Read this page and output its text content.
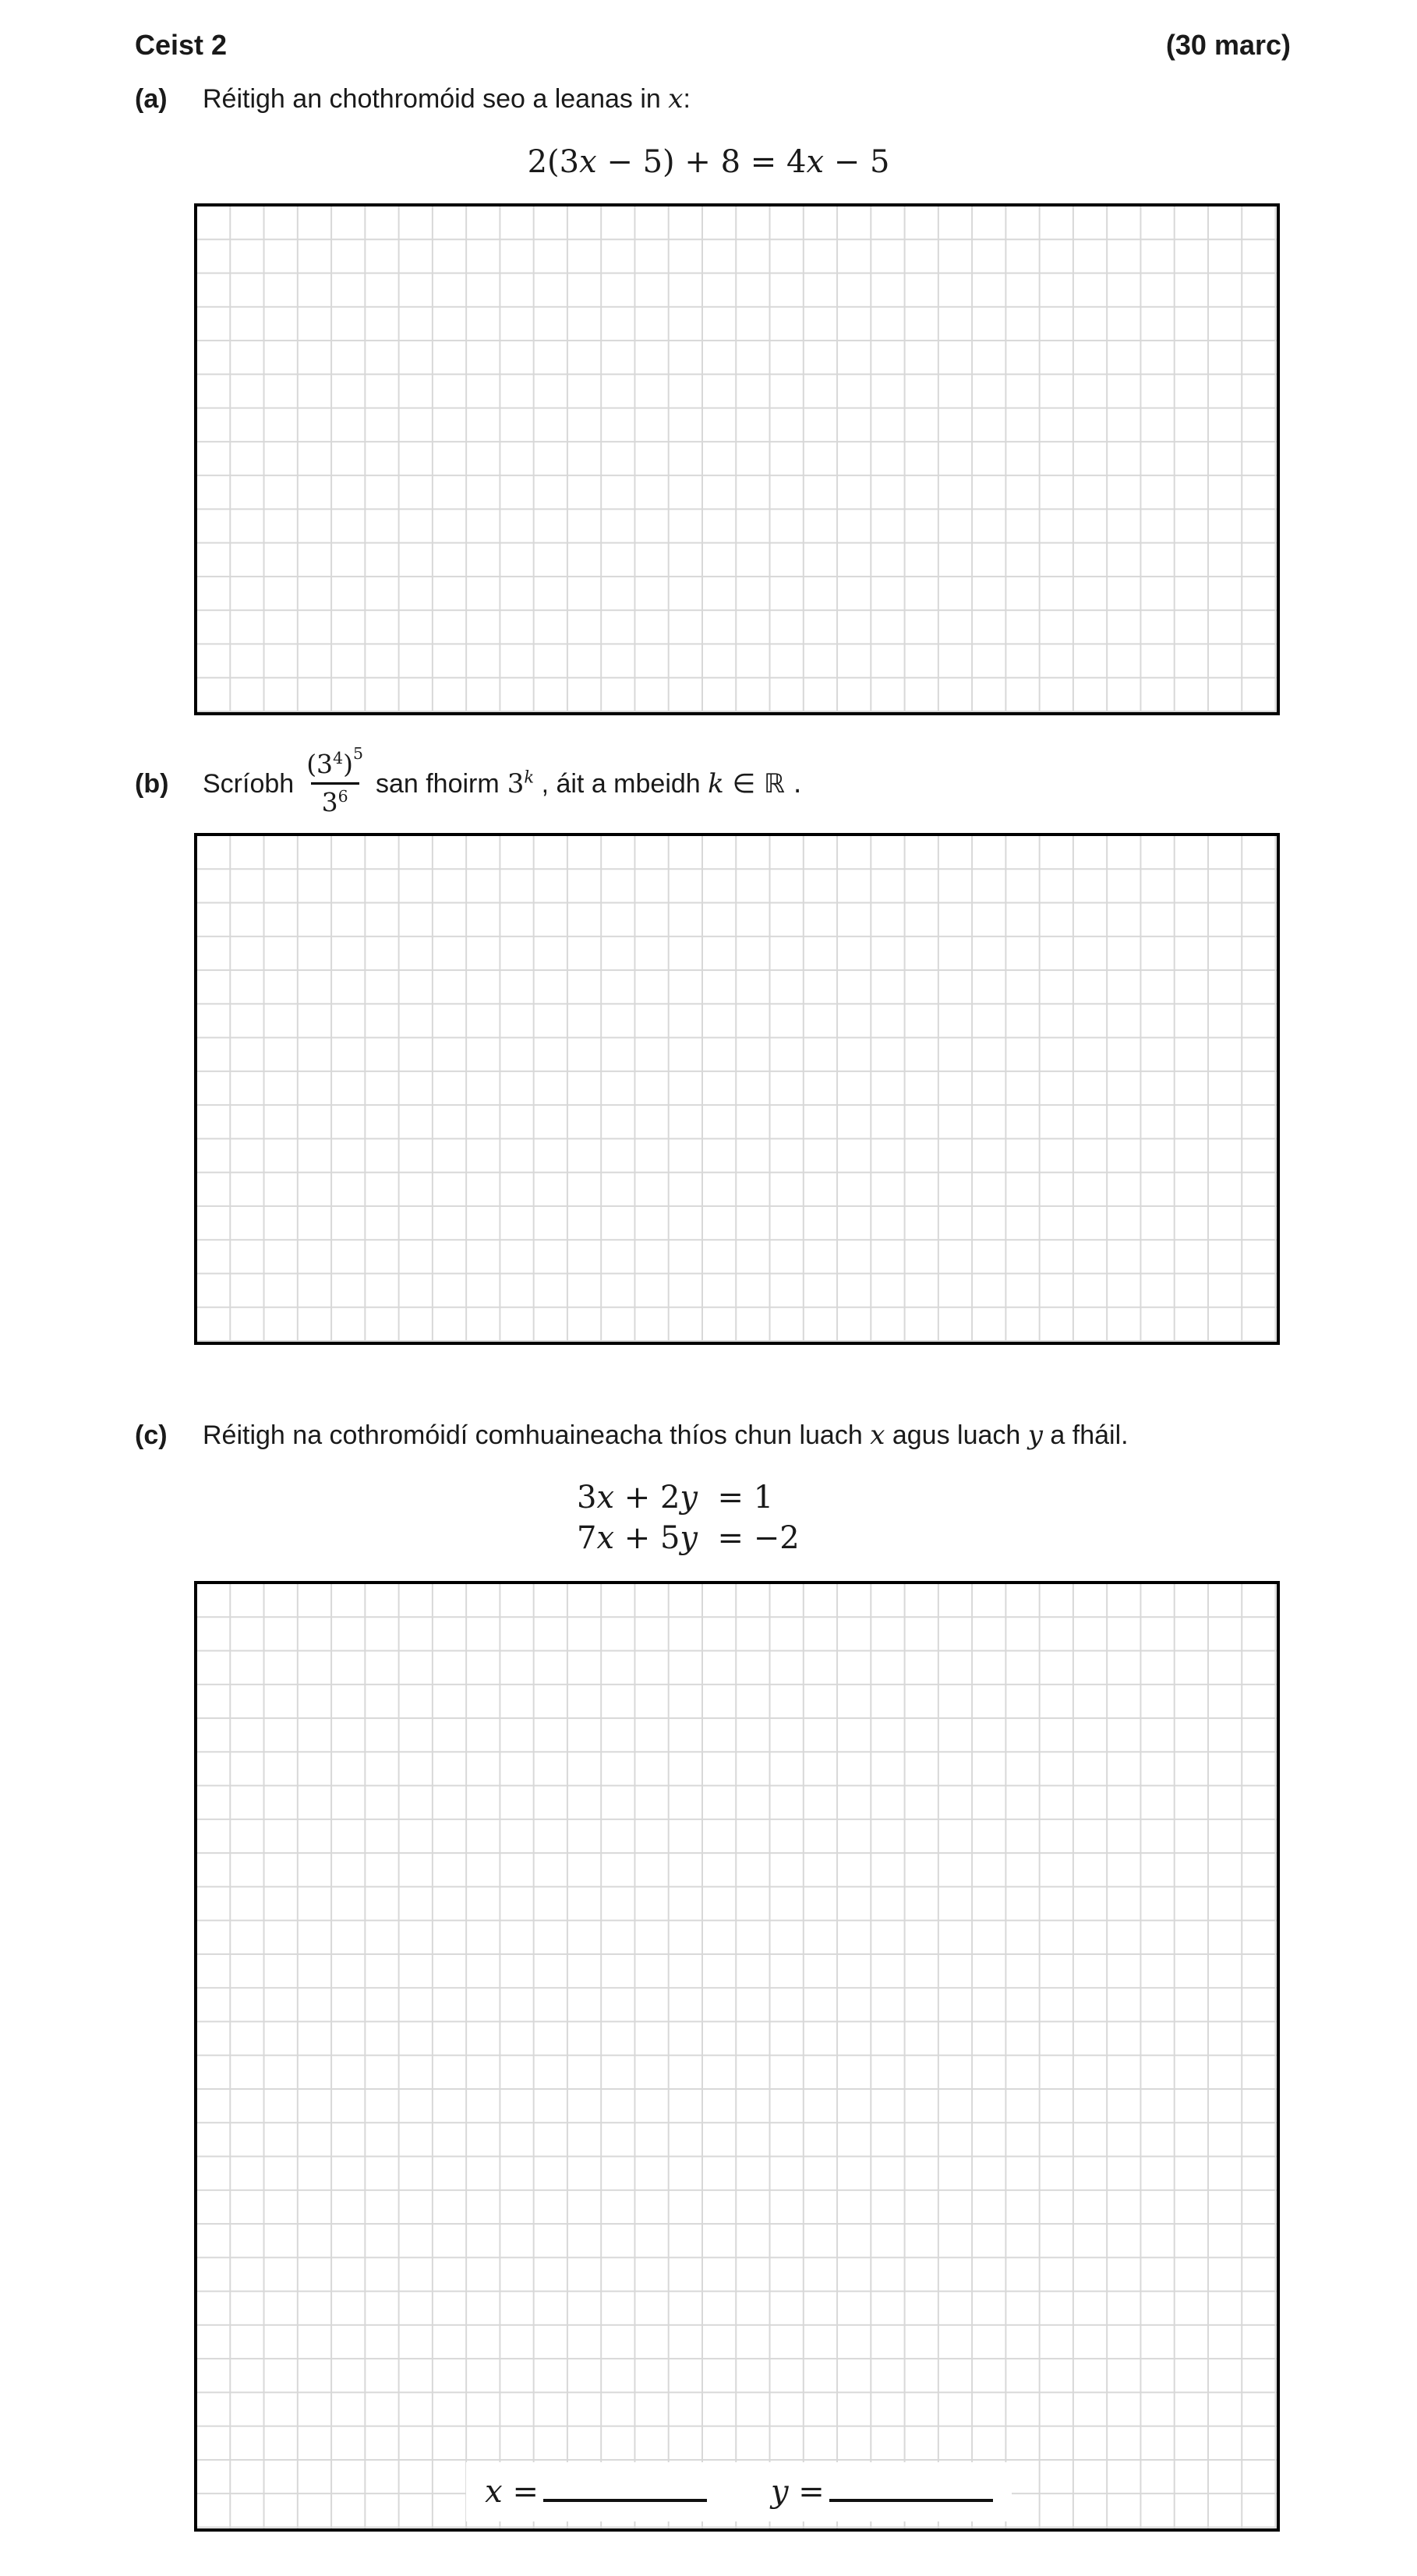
Ceist 2	(30 marc)
(a) Réitigh an chothromóid seo a leanas in x:
2(3x − 5) + 8 = 4x − 5
(b)	Scríobh $\frac{(3^4)^5}{3^6}$ san fhoirm 3$^k$ , áit a mbeidh k ∈ ℝ .
(c) Réitigh na cothromóidí comhuaineacha thíos chun luach x agus luach y a fháil.
3x + 2y  = 1
7x + 5y  = −2
x =	y =
